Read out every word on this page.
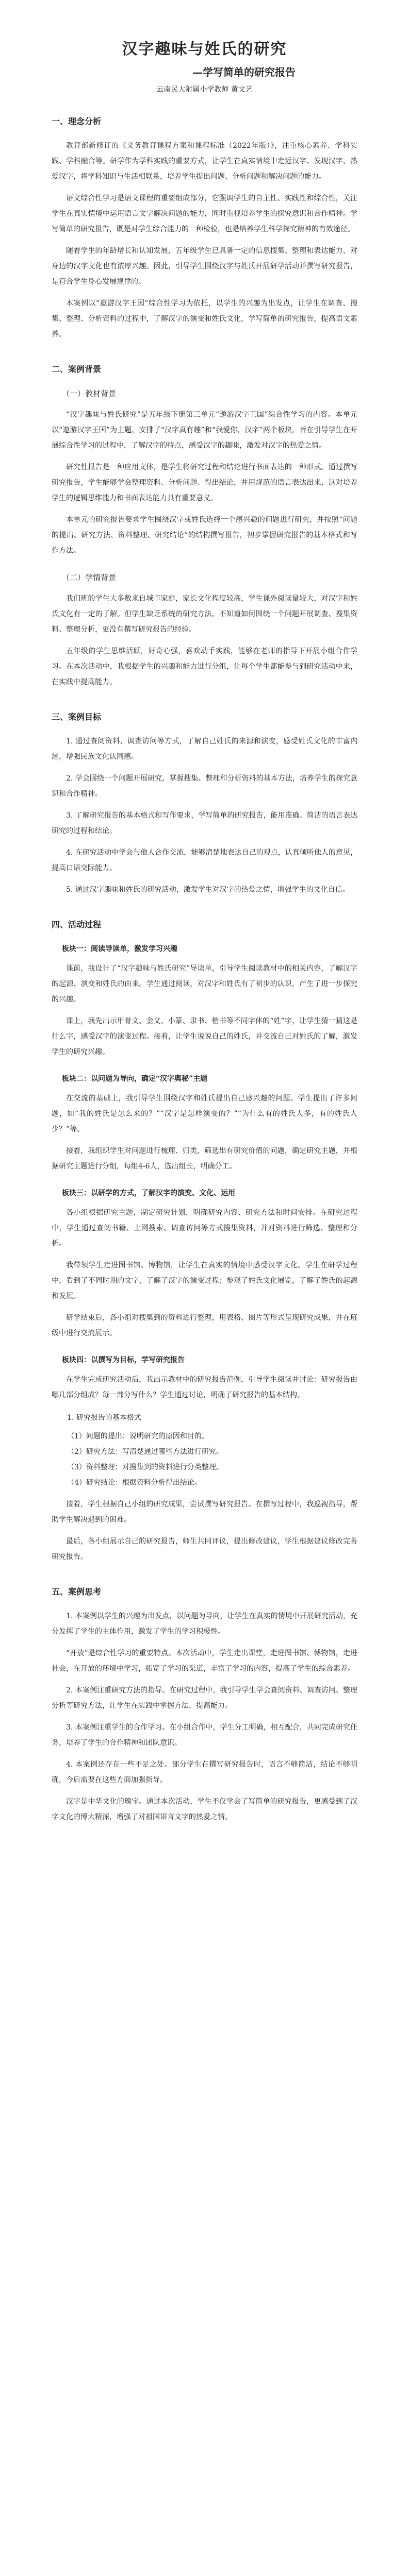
汉字趣味与姓氏的研究
—学写简单的研究报告
云南民大附属小学教师 黄文艺
一、理念分析

教育部新修订的《义务教育课程方案和课程标准（2022年版）》，注重核心素养、学科实践、学科融合等。研学作为学科实践的重要方式，让学生在真实情境中走近汉字、发现汉字、热爱汉字，将学科知识与生活相联系，培养学生提出问题、分析问题和解决问题的能力。

语文综合性学习是语文课程的重要组成部分，它强调学生的自主性、实践性和综合性，关注学生在真实情境中运用语言文字解决问题的能力，同时重视培养学生的探究意识和合作精神。学写简单的研究报告，既是对学生综合能力的一种检验，也是培养学生科学探究精神的有效途径。

随着学生的年龄增长和认知发展，五年级学生已具备一定的信息搜集、整理和表达能力，对身边的汉字文化也有浓厚兴趣。因此，引导学生围绕汉字与姓氏开展研学活动并撰写研究报告，是符合学生身心发展规律的。

本案例以“遨游汉字王国”综合性学习为依托，以学生的兴趣为出发点，让学生在调查、搜集、整理、分析资料的过程中，了解汉字的演变和姓氏文化，学写简单的研究报告，提高语文素养。

二、案例背景
（一）教材背景

“汉字趣味与姓氏研究”是五年级下册第三单元“遨游汉字王国”综合性学习的内容。本单元以“遨游汉字王国”为主题，安排了“汉字真有趣”和“我爱你，汉字”两个板块，旨在引导学生在开展综合性学习的过程中，了解汉字的特点，感受汉字的趣味，激发对汉字的热爱之情。

研究性报告是一种应用文体，是学生将研究过程和结论进行书面表达的一种形式。通过撰写研究报告，学生能够学会整理资料、分析问题、得出结论，并用规范的语言表达出来，这对培养学生的逻辑思维能力和书面表达能力具有重要意义。

本单元的研究报告要求学生围绕汉字或姓氏选择一个感兴趣的问题进行研究，并按照“问题的提出、研究方法、资料整理、研究结论”的结构撰写报告，初步掌握研究报告的基本格式和写作方法。

（二）学情背景

我们班的学生大多数来自城市家庭，家长文化程度较高，学生课外阅读量较大，对汉字和姓氏文化有一定的了解。但学生缺乏系统的研究方法，不知道如何围绕一个问题开展调查、搜集资料、整理分析，更没有撰写研究报告的经验。

五年级的学生思维活跃，好奇心强，喜欢动手实践，能够在老师的指导下开展小组合作学习。在本次活动中，我根据学生的兴趣和能力进行分组，让每个学生都能参与到研究活动中来，在实践中提高能力。

三、案例目标

1. 通过查阅资料、调查访问等方式，了解自己姓氏的来源和演变，感受姓氏文化的丰富内涵，增强民族文化认同感。

2. 学会围绕一个问题开展研究，掌握搜集、整理和分析资料的基本方法，培养学生的探究意识和合作精神。

3. 了解研究报告的基本格式和写作要求，学写简单的研究报告，能用准确、简洁的语言表达研究的过程和结论。

4. 在研究活动中学会与他人合作交流，能够清楚地表达自己的观点，认真倾听他人的意见，提高口语交际能力。

5. 通过汉字趣味和姓氏的研究活动，激发学生对汉字的热爱之情，增强学生的文化自信。

四、活动过程
板块一：阅读导读单，激发学习兴趣

课前，我设计了“汉字趣味与姓氏研究”导读单，引导学生阅读教材中的相关内容，了解汉字的起源、演变和姓氏的由来。学生通过阅读，对汉字和姓氏有了初步的认识，产生了进一步探究的兴趣。

课上，我先出示甲骨文、金文、小篆、隶书、楷书等不同字体的“姓”字，让学生猜一猜这是什么字，感受汉字的演变过程。接着，让学生说说自己的姓氏，并交流自己对姓氏的了解，激发学生的研究兴趣。

板块二：以问题为导向，确定“汉字奥秘”主题

在交流的基础上，我引导学生围绕汉字和姓氏提出自己感兴趣的问题。学生提出了许多问题，如“我的姓氏是怎么来的？”“汉字是怎样演变的？”“为什么有的姓氏人多，有的姓氏人少？”等。

接着，我组织学生对问题进行梳理、归类，筛选出有研究价值的问题，确定研究主题，并根据研究主题进行分组，每组4-6人，选出组长，明确分工。

板块三：以研学的方式，了解汉字的演变、文化、运用

各小组根据研究主题，制定研究计划，明确研究内容、研究方法和时间安排。在研究过程中，学生通过查阅书籍、上网搜索、调查访问等方式搜集资料，并对资料进行筛选、整理和分析。

我带领学生走进图书馆、博物馆，让学生在真实的情境中感受汉字文化。学生在研学过程中，看到了不同时期的文字，了解了汉字的演变过程；参观了姓氏文化展览，了解了姓氏的起源和发展。

研学结束后，各小组对搜集到的资料进行整理，用表格、图片等形式呈现研究成果，并在班级中进行交流展示。

板块四：以撰写为目标，学写研究报告

在学生完成研究活动后，我出示教材中的研究报告范例，引导学生阅读并讨论：研究报告由哪几部分组成？每一部分写什么？学生通过讨论，明确了研究报告的基本结构。

1. 研究报告的基本格式
（1）问题的提出：说明研究的原因和目的。
（2）研究方法：写清楚通过哪些方法进行研究。
（3）资料整理：对搜集到的资料进行分类整理。
（4）研究结论：根据资料分析得出结论。

接着，学生根据自己小组的研究成果，尝试撰写研究报告。在撰写过程中，我巡视指导，帮助学生解决遇到的困难。

最后，各小组展示自己的研究报告，师生共同评议，提出修改建议，学生根据建议修改完善研究报告。

五、案例思考

1. 本案例以学生的兴趣为出发点，以问题为导向，让学生在真实的情境中开展研究活动，充分发挥了学生的主体作用，激发了学生的学习积极性。

“开放”是综合性学习的重要特点。本次活动中，学生走出课堂，走进图书馆、博物馆，走进社会，在开放的环境中学习，拓宽了学习的渠道，丰富了学习的内容，提高了学生的综合素养。

2. 本案例注重研究方法的指导。在研究过程中，我引导学生学会查阅资料、调查访问、整理分析等研究方法，让学生在实践中掌握方法，提高能力。

3. 本案例注重学生的合作学习。在小组合作中，学生分工明确，相互配合，共同完成研究任务，培养了学生的合作精神和团队意识。

4. 本案例还存在一些不足之处。部分学生在撰写研究报告时，语言不够简洁，结论不够明确，今后需要在这些方面加强指导。

汉字是中华文化的瑰宝。通过本次活动，学生不仅学会了写简单的研究报告，更感受到了汉字文化的博大精深，增强了对祖国语言文字的热爱之情。
